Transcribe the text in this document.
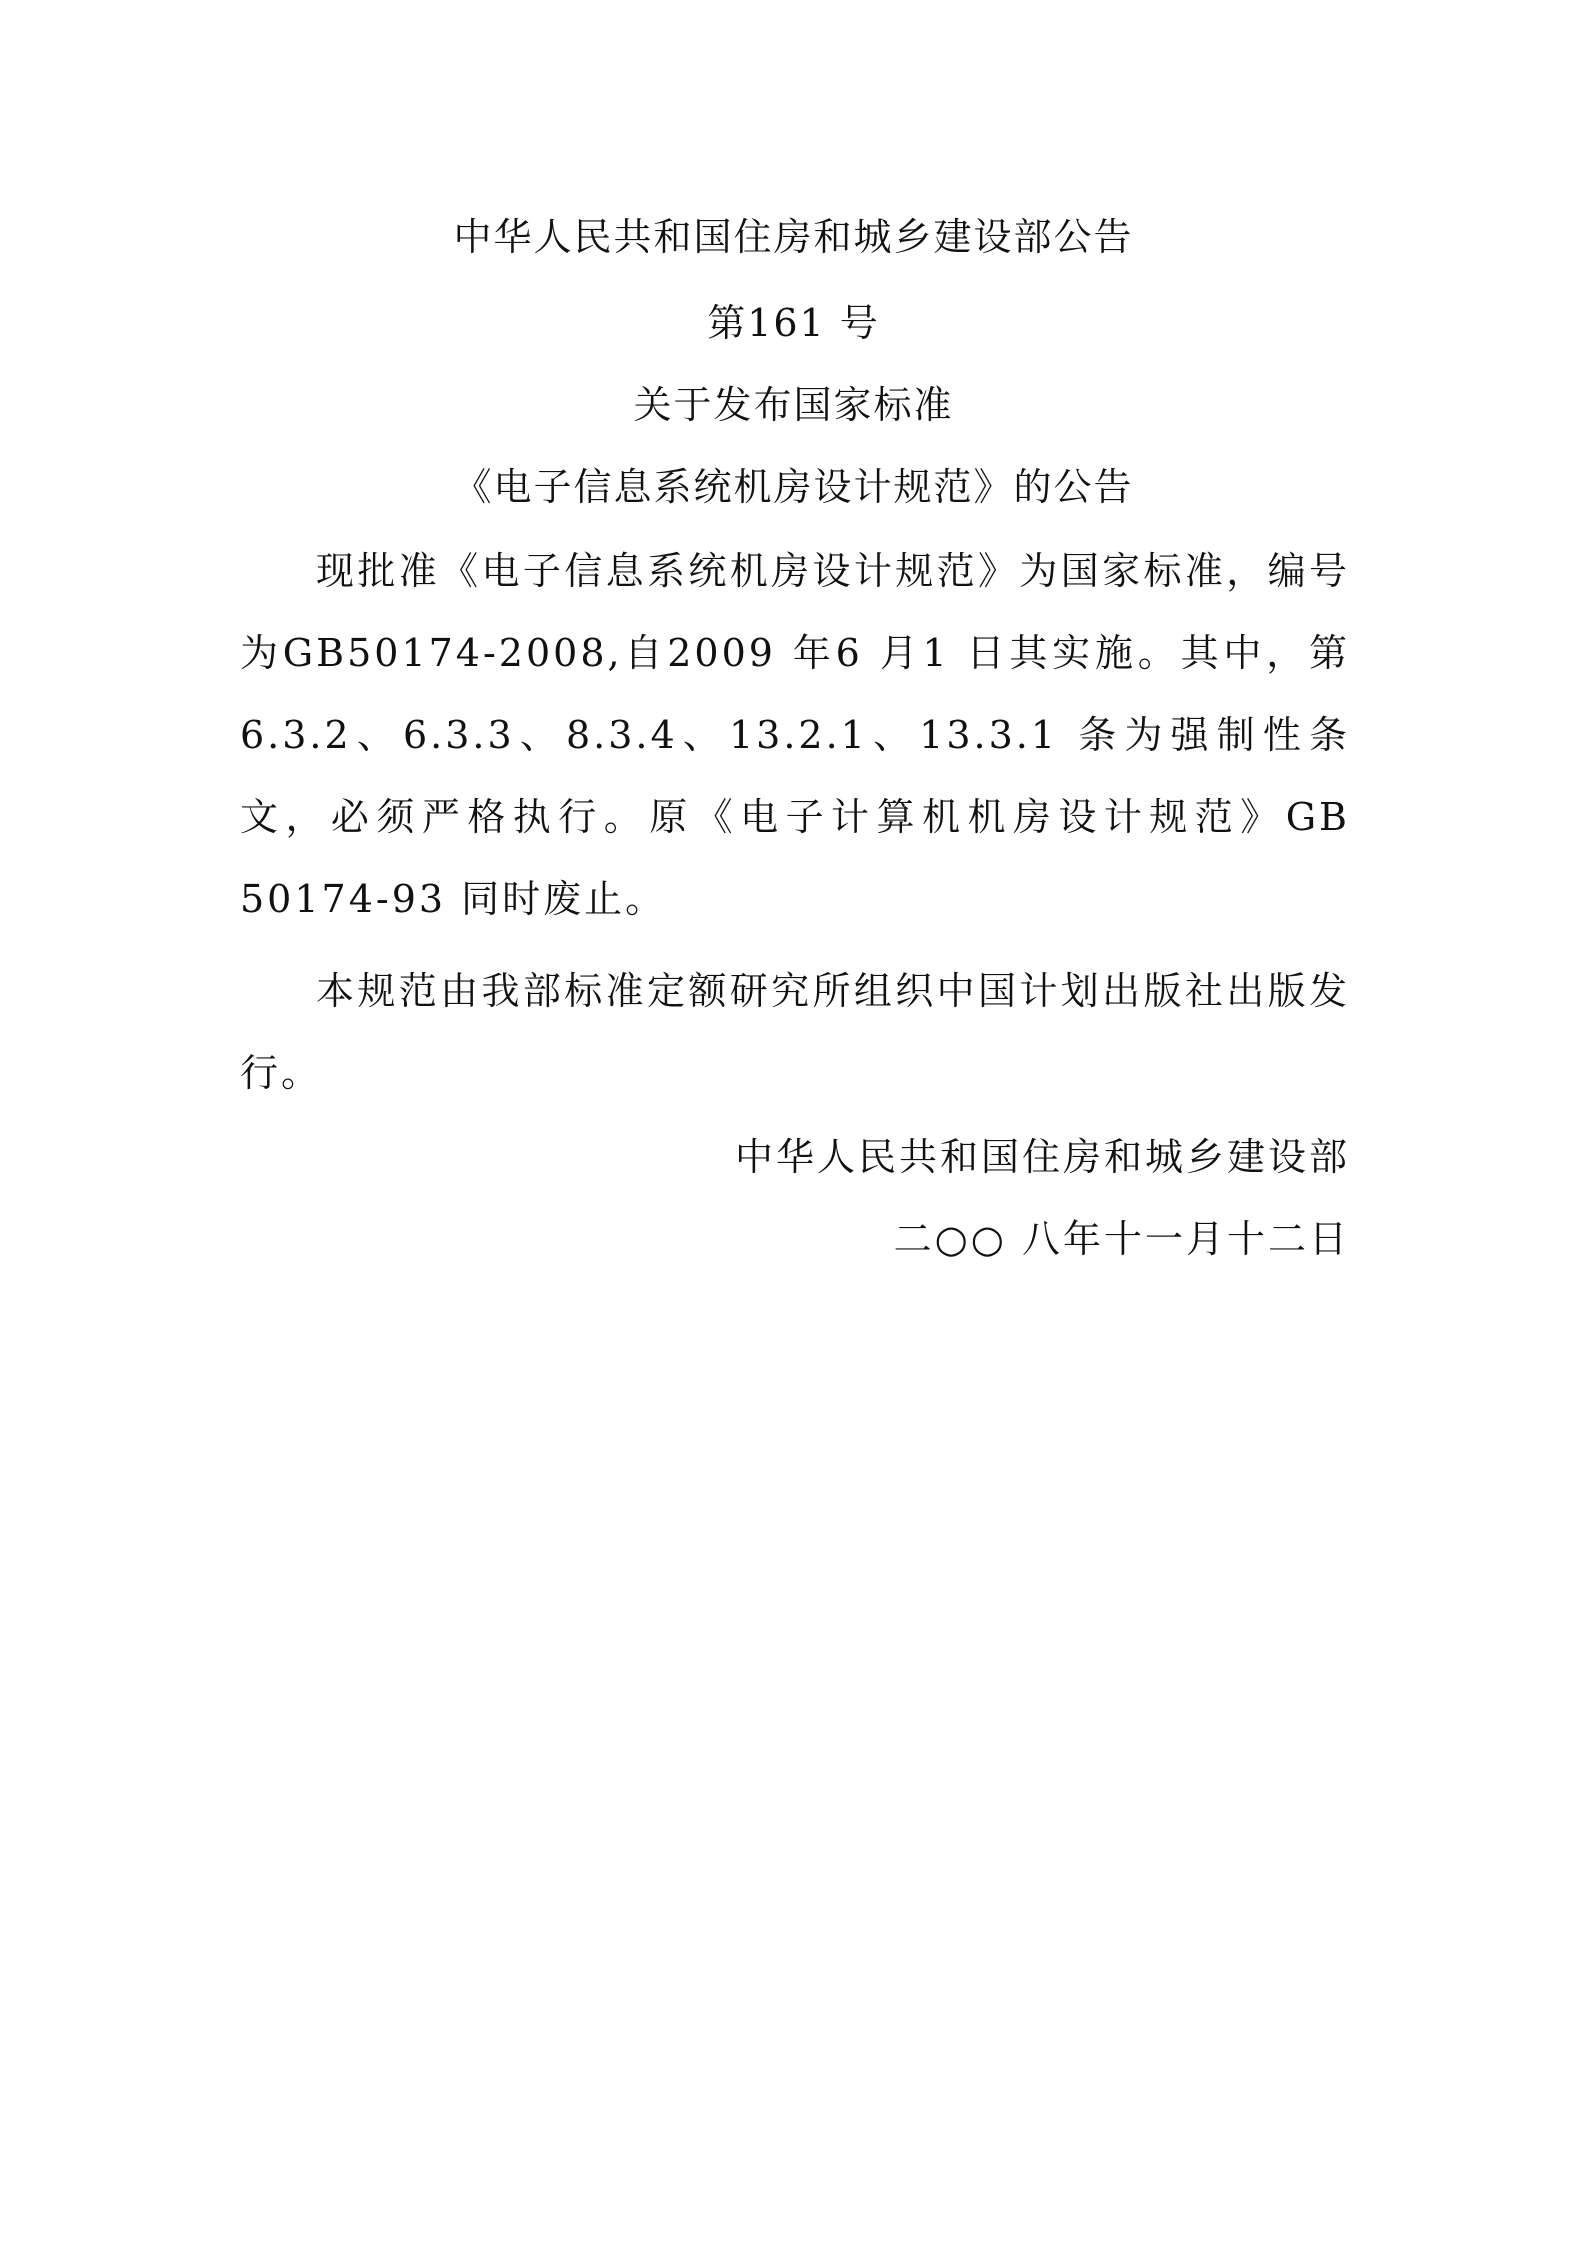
中华人民共和国住房和城乡建设部公告
第161 号
关于发布国家标准
《电子信息系统机房设计规范》的公告

现批准《电子信息系统机房设计规范》为国家标准，编号为GB50174-2008,自2009 年6 月1 日其实施。其中，第6.3.2、6.3.3、8.3.4、13.2.1、13.3.1 条为强制性条文，必须严格执行。原《电子计算机机房设计规范》GB 50174-93 同时废止。

本规范由我部标准定额研究所组织中国计划出版社出版发行。

中华人民共和国住房和城乡建设部
二○○ 八年十一月十二日
